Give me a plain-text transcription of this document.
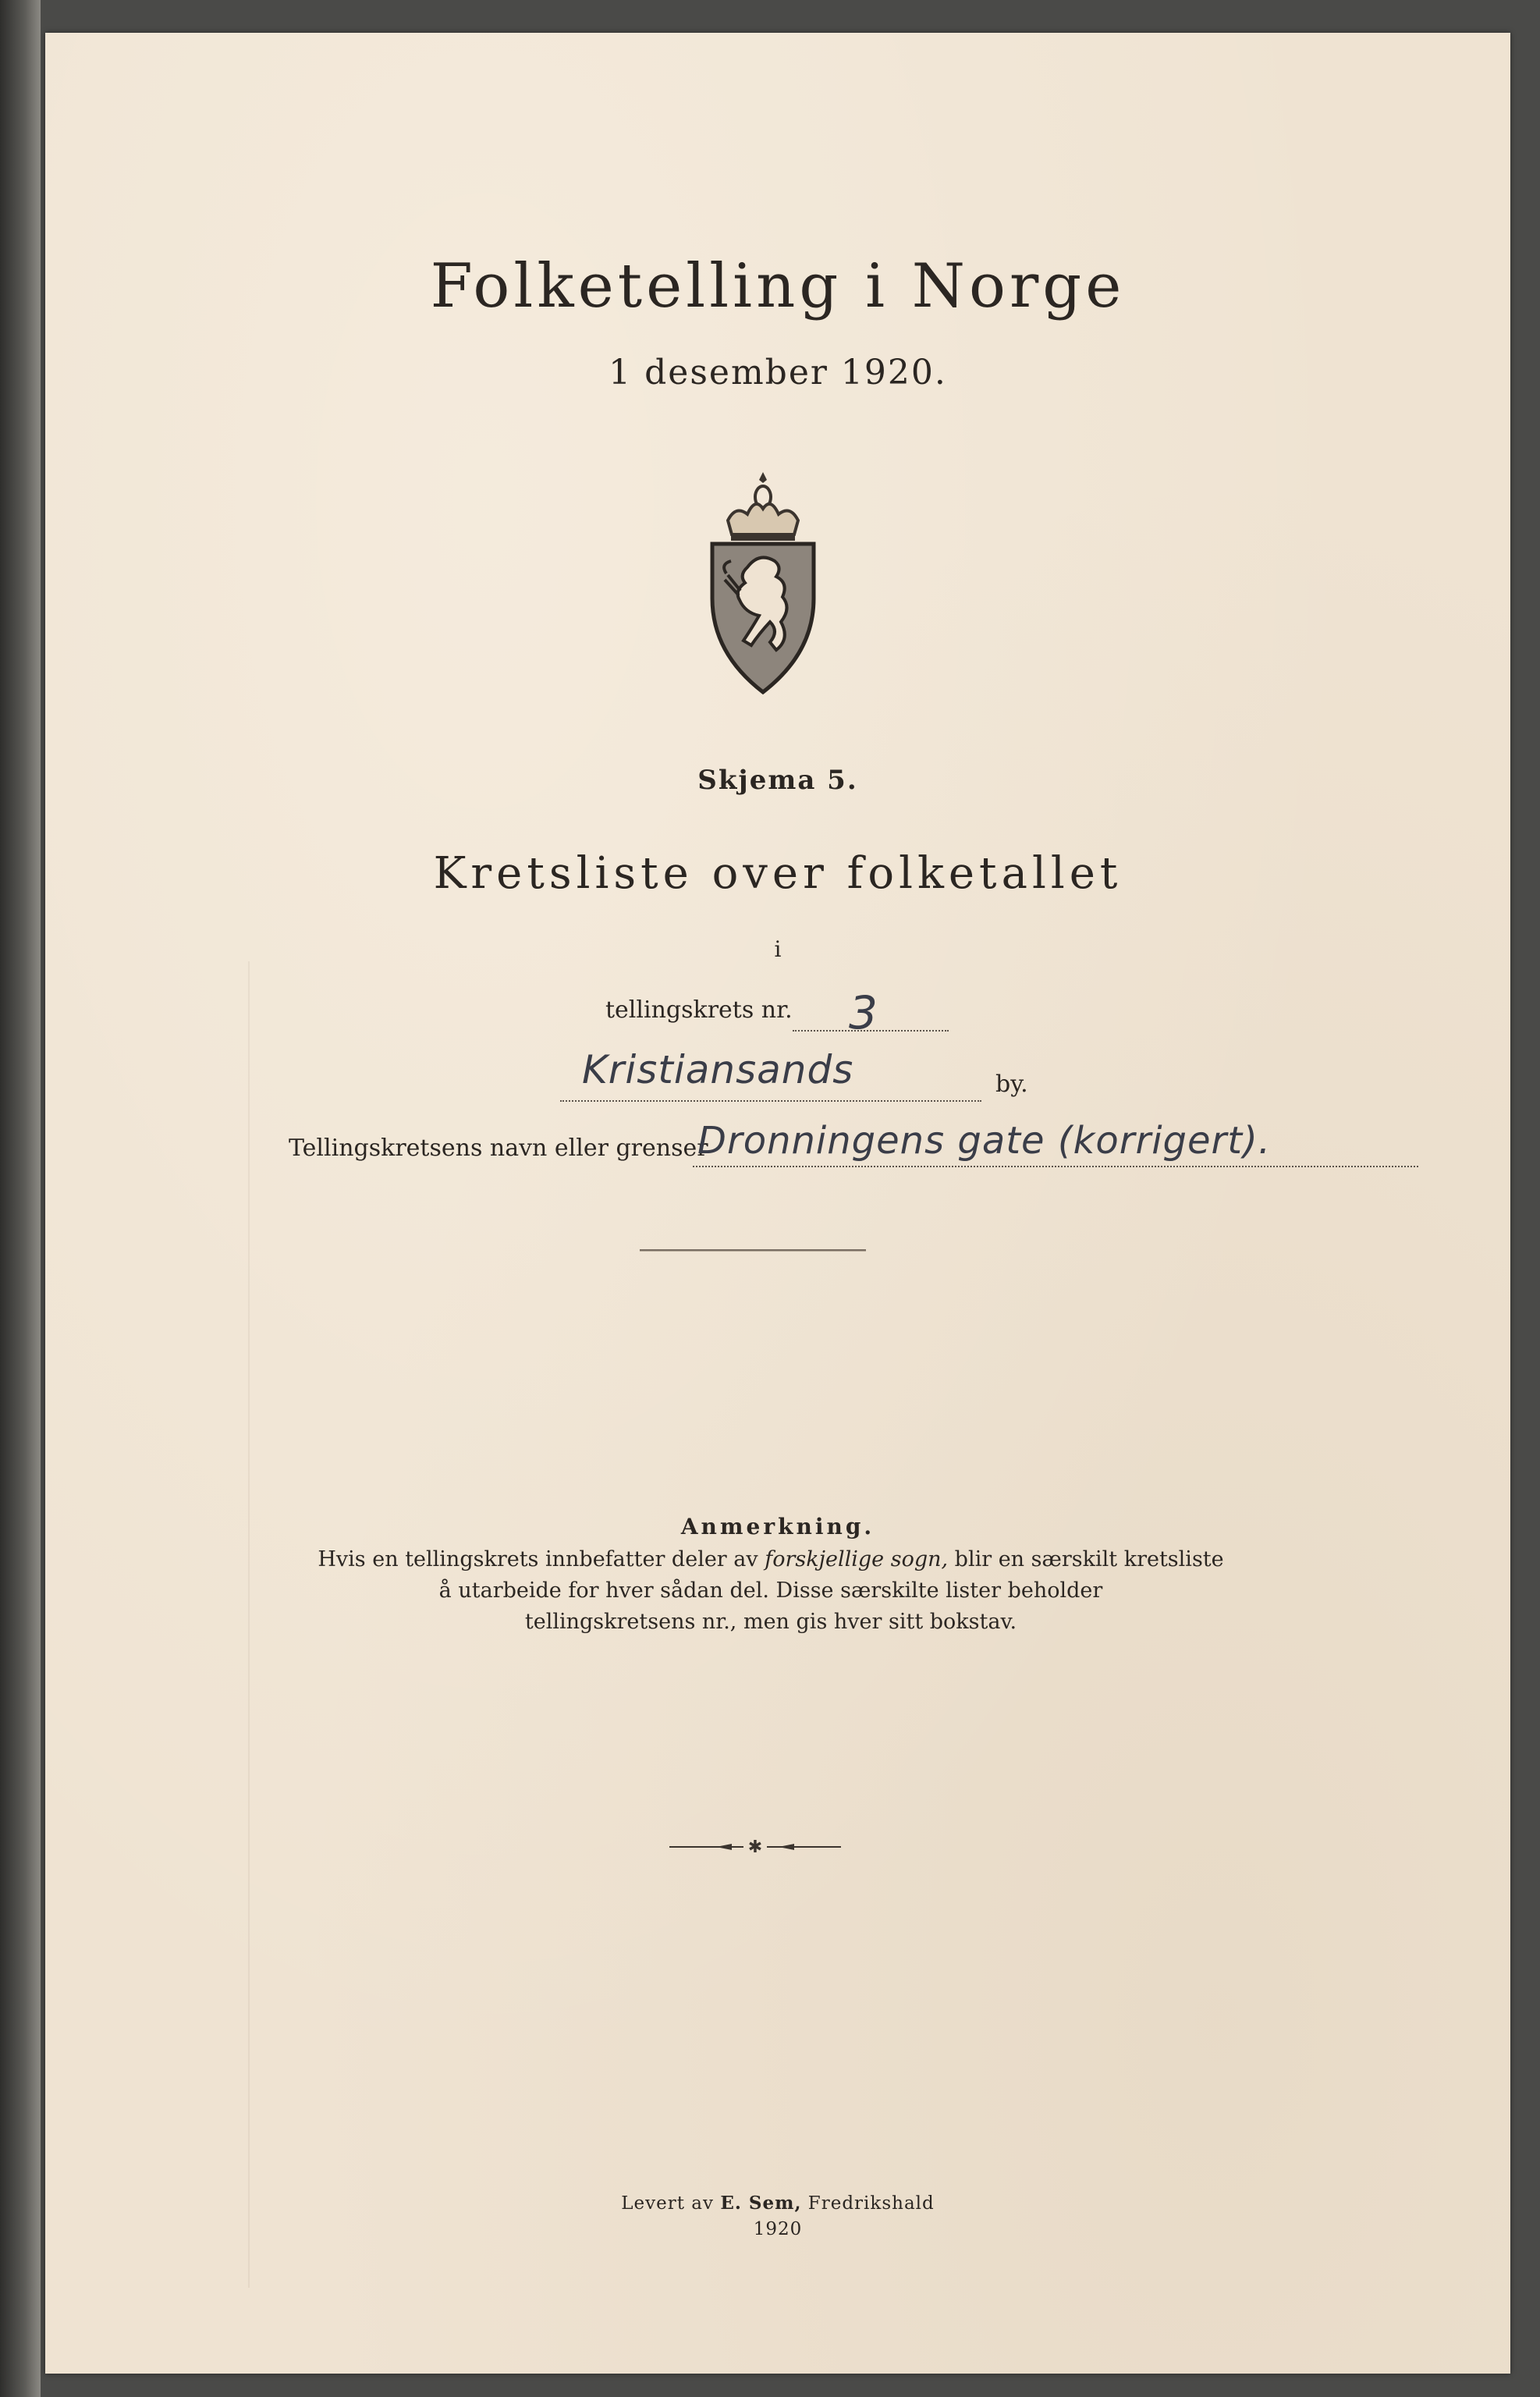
Folketelling i Norge
1 desember 1920.
Skjema 5.
Kretsliste over folketallet
i
tellingskrets nr. 3
Kristiansands	by.
Tellingskretsens navn eller grenser
Dronningens gate (korrigert).
Anmerkning.
Hvis en tellingskrets innbefatter deler av forskjellige sogn, blir en særskilt kretsliste
å utarbeide for hver sådan del. Disse særskilte lister beholder
tellingskretsens nr., men gis hver sitt bokstav.
✱
Levert av E. Sem, Fredrikshald
1920
